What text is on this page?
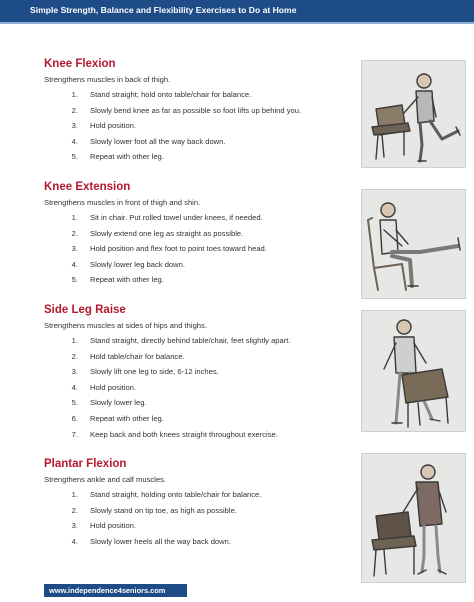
Simple Strength, Balance and Flexibility Exercises to Do at Home
Knee Flexion

Strengthens muscles in back of thigh.

1. Stand straight; hold onto table/chair for balance.
2. Slowly bend knee as far as possible so foot lifts up behind you.
3. Hold position.
4. Slowly lower foot all the way back down.
5. Repeat with other leg.
Knee Extension

Strengthens muscles in front of thigh and shin.

1. Sit in chair. Put rolled towel under knees, if needed.
2. Slowly extend one leg as straight as possible.
3. Hold position and flex foot to point toes toward head.
4. Slowly lower leg back down.
5. Repeat with other leg.
Side Leg Raise

Strengthens muscles at sides of hips and thighs.

1. Stand straight, directly behind table/chair, feet slightly apart.
2. Hold table/chair for balance.
3. Slowly lift one leg to side, 6-12 inches.
4. Hold position.
5. Slowly lower leg.
6. Repeat with other leg.
7. Keep back and both knees straight throughout exercise.
Plantar Flexion

Strengthens ankle and calf muscles.

1. Stand straight, holding onto table/chair for balance.
2. Slowly stand on tip toe, as high as possible.
3. Hold position.
4. Slowly lower heels all the way back down.
www.independence4seniors.com
